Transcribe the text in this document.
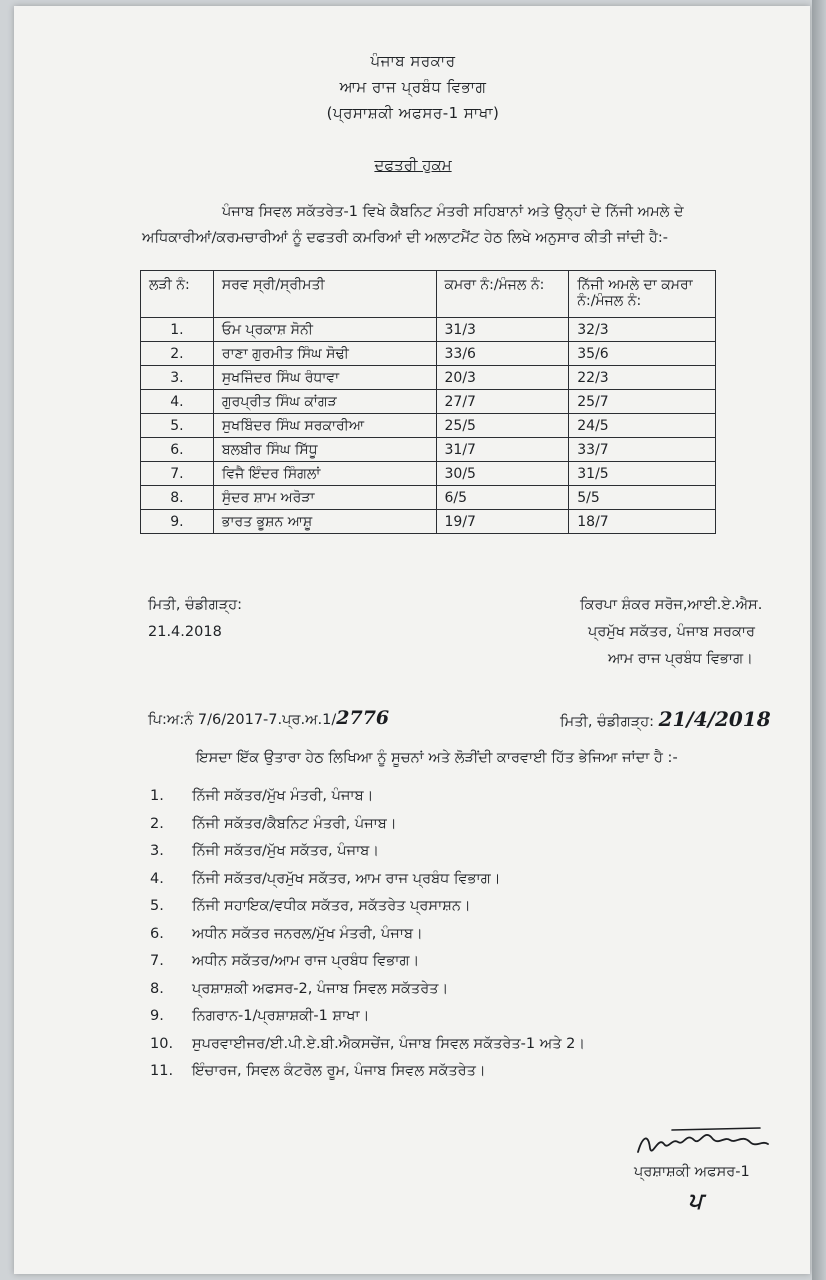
ਪੰਜਾਬ ਸਰਕਾਰ
ਆਮ ਰਾਜ ਪ੍ਰਬੰਧ ਵਿਭਾਗ
(ਪ੍ਰਸਾਸ਼ਕੀ ਅਫਸਰ-1 ਸਾਖਾ)
ਦਫਤਰੀ ਹੁਕਮ
ਪੰਜਾਬ ਸਿਵਲ ਸਕੱਤਰੇਤ-1 ਵਿਖੇ ਕੈਬਨਿਟ ਮੰਤਰੀ ਸਹਿਬਾਨਾਂ ਅਤੇ ਉਨ੍ਹਾਂ ਦੇ ਨਿੱਜੀ ਅਮਲੇ ਦੇ
ਅਧਿਕਾਰੀਆਂ/ਕਰਮਚਾਰੀਆਂ ਨੂੰ ਦਫਤਰੀ ਕਮਰਿਆਂ ਦੀ ਅਲਾਟਮੈਂਟ ਹੇਠ ਲਿਖੇ ਅਨੁਸਾਰ ਕੀਤੀ ਜਾਂਦੀ ਹੈ:-
ਲੜੀ ਨੰ:	ਸਰਵ ਸ੍ਰੀ/ਸ੍ਰੀਮਤੀ	ਕਮਰਾ ਨੰ:/ਮੰਜਲ ਨੰ:	ਨਿੱਜੀ ਅਮਲੇ ਦਾ ਕਮਰਾ ਨੰ:/ਮੰਜਲ ਨੰ:
1.	ਓਮ ਪ੍ਰਕਾਸ਼ ਸੋਨੀ	31/3	32/3
2.	ਰਾਣਾ ਗੁਰਮੀਤ ਸਿੰਘ ਸੋਢੀ	33/6	35/6
3.	ਸੁਖਜਿੰਦਰ ਸਿੰਘ ਰੰਧਾਵਾ	20/3	22/3
4.	ਗੁਰਪ੍ਰੀਤ ਸਿੰਘ ਕਾਂਗੜ	27/7	25/7
5.	ਸੁਖਬਿੰਦਰ ਸਿੰਘ ਸਰਕਾਰੀਆ	25/5	24/5
6.	ਬਲਬੀਰ ਸਿੰਘ ਸਿੱਧੂ	31/7	33/7
7.	ਵਿਜੈ ਇੰਦਰ ਸਿੰਗਲਾਂ	30/5	31/5
8.	ਸੁੰਦਰ ਸ਼ਾਮ ਅਰੋੜਾ	6/5	5/5
9.	ਭਾਰਤ ਭੂਸ਼ਨ ਆਸ਼ੂ	19/7	18/7
ਮਿਤੀ, ਚੰਡੀਗੜ੍ਹ:
21.4.2018
ਕਿਰਪਾ ਸ਼ੰਕਰ ਸਰੋਜ,ਆਈ.ਏ.ਐਸ.
ਪ੍ਰਮੁੱਖ ਸਕੱਤਰ, ਪੰਜਾਬ ਸਰਕਾਰ
ਆਮ ਰਾਜ ਪ੍ਰਬੰਧ ਵਿਭਾਗ।
ਪਿ:ਅ:ਨੰ 7/6/2017-7.ਪ੍ਰ.ਅ.1/2776	ਮਿਤੀ, ਚੰਡੀਗੜ੍ਹ: 21/4/2018
ਇਸਦਾ ਇੱਕ ਉਤਾਰਾ ਹੇਠ ਲਿਖਿਆ ਨੂੰ ਸੂਚਨਾਂ ਅਤੇ ਲੋੜੀਂਦੀ ਕਾਰਵਾਈ ਹਿੱਤ ਭੇਜਿਆ ਜਾਂਦਾ ਹੈ :-
1. ਨਿੱਜੀ ਸਕੱਤਰ/ਮੁੱਖ ਮੰਤਰੀ, ਪੰਜਾਬ।
2. ਨਿੱਜੀ ਸਕੱਤਰ/ਕੈਬਨਿਟ ਮੰਤਰੀ, ਪੰਜਾਬ।
3. ਨਿੱਜੀ ਸਕੱਤਰ/ਮੁੱਖ ਸਕੱਤਰ, ਪੰਜਾਬ।
4. ਨਿੱਜੀ ਸਕੱਤਰ/ਪ੍ਰਮੁੱਖ ਸਕੱਤਰ, ਆਮ ਰਾਜ ਪ੍ਰਬੰਧ ਵਿਭਾਗ।
5. ਨਿੱਜੀ ਸਹਾਇਕ/ਵਧੀਕ ਸਕੱਤਰ, ਸਕੱਤਰੇਤ ਪ੍ਰਸਾਸ਼ਨ।
6. ਅਧੀਨ ਸਕੱਤਰ ਜਨਰਲ/ਮੁੱਖ ਮੰਤਰੀ, ਪੰਜਾਬ।
7. ਅਧੀਨ ਸਕੱਤਰ/ਆਮ ਰਾਜ ਪ੍ਰਬੰਧ ਵਿਭਾਗ।
8. ਪ੍ਰਸ਼ਾਸ਼ਕੀ ਅਫਸਰ-2, ਪੰਜਾਬ ਸਿਵਲ ਸਕੱਤਰੇਤ।
9. ਨਿਗਰਾਨ-1/ਪ੍ਰਸ਼ਾਸ਼ਕੀ-1 ਸ਼ਾਖਾ।
10. ਸੁਪਰਵਾਈਜਰ/ਈ.ਪੀ.ਏ.ਬੀ.ਐਕਸਚੇਂਜ, ਪੰਜਾਬ ਸਿਵਲ ਸਕੱਤਰੇਤ-1 ਅਤੇ 2।
11. ਇੰਚਾਰਜ, ਸਿਵਲ ਕੰਟਰੋਲ ਰੂਮ, ਪੰਜਾਬ ਸਿਵਲ ਸਕੱਤਰੇਤ।
ਪ੍ਰਸ਼ਾਸ਼ਕੀ ਅਫਸਰ-1
ਪ
